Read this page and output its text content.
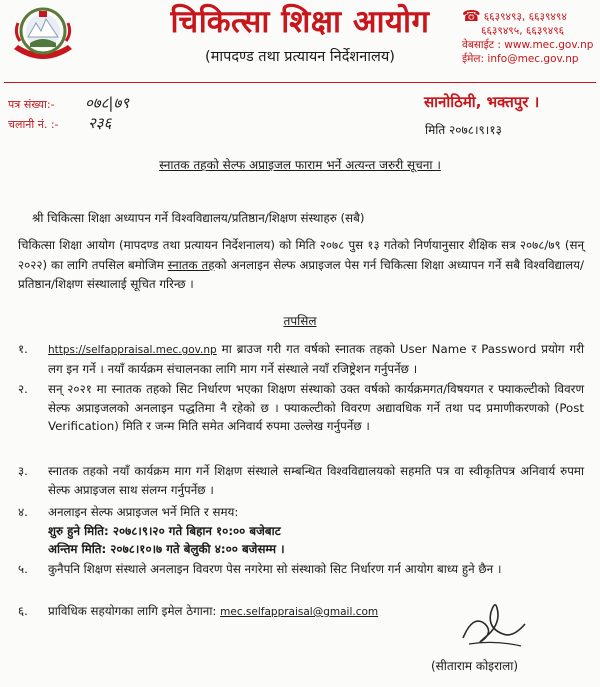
चिकित्सा शिक्षा आयोग
(मापदण्ड तथा प्रत्यायन निर्देशनालय)
☎ ६६३९४९३, ६६३९४९४
६६३९४९५, ६६३९४९६
वेबसाईट : www.mec.gov.np
ईमेल: info@mec.gov.np
पत्र संख्या:- ०७८|७९
चलानी नं. :- २३६
सानोठिमी, भक्तपुर ।
मिति २०७८।९।१३
स्नातक तहको सेल्फ अप्राइजल फाराम भर्ने अत्यन्त जरुरी सूचना ।
श्री चिकित्सा शिक्षा अध्यापन गर्ने विश्वविद्यालय/प्रतिष्ठान/शिक्षण संस्थाहरु (सबै)
चिकित्सा शिक्षा आयोग (मापदण्ड तथा प्रत्यायन निर्देशनालय) को मिति २०७८ पुस १३ गतेको निर्णयानुसार शैक्षिक सत्र २०७८/७९ (सन् २०२२) का लागि तपसिल बमोजिम स्नातक तहको अनलाइन सेल्फ अप्राइजल पेस गर्न चिकित्सा शिक्षा अध्यापन गर्ने सबै विश्वविद्यालय/प्रतिष्ठान/शिक्षण संस्थालाई सूचित गरिन्छ ।
तपसिल
१.	https://selfappraisal.mec.gov.np मा ब्राउज गरी गत वर्षको स्नातक तहको User Name र Password प्रयोग गरी लग इन गर्ने । नयाँ कार्यक्रम संचालनका लागि माग गर्ने संस्थाले नयाँ रजिष्ट्रेशन गर्नुपर्नेछ ।
२.	सन् २०२१ मा स्नातक तहको सिट निर्धारण भएका शिक्षण संस्थाको उक्त वर्षको कार्यक्रमगत/विषयगत र फ्याकल्टीको विवरण सेल्फ अप्राइजलको अनलाइन पद्धतिमा नै रहेको छ । फ्याकल्टीको विवरण अद्यावधिक गर्ने तथा पद प्रमाणीकरणको (Post Verification) मिति र जन्म मिति समेत अनिवार्य रुपमा उल्लेख गर्नुपर्नेछ ।
३.	स्नातक तहको नयाँ कार्यक्रम माग गर्ने शिक्षण संस्थाले सम्बन्धित विश्वविद्यालयको सहमति पत्र वा स्वीकृतिपत्र अनिवार्य रुपमा सेल्फ अप्राइजल साथ संलग्न गर्नुपर्नेछ ।
४.	अनलाइन सेल्फ अप्राइजल भर्ने मिति र समय:
शुरु हुने मिति: २०७८।९।२० गते बिहान १०:०० बजेबाट
अन्तिम मिति: २०७८।१०।७ गते बेलुकी ४:०० बजेसम्म ।
५.	कुनैपनि शिक्षण संस्थाले अनलाइन विवरण पेस नगरेमा सो संस्थाको सिट निर्धारण गर्न आयोग बाध्य हुने छैन ।
६.	प्राविधिक सहयोगका लागि इमेल ठेगाना: mec.selfappraisal@gmail.com
(सीताराम कोइराला)
